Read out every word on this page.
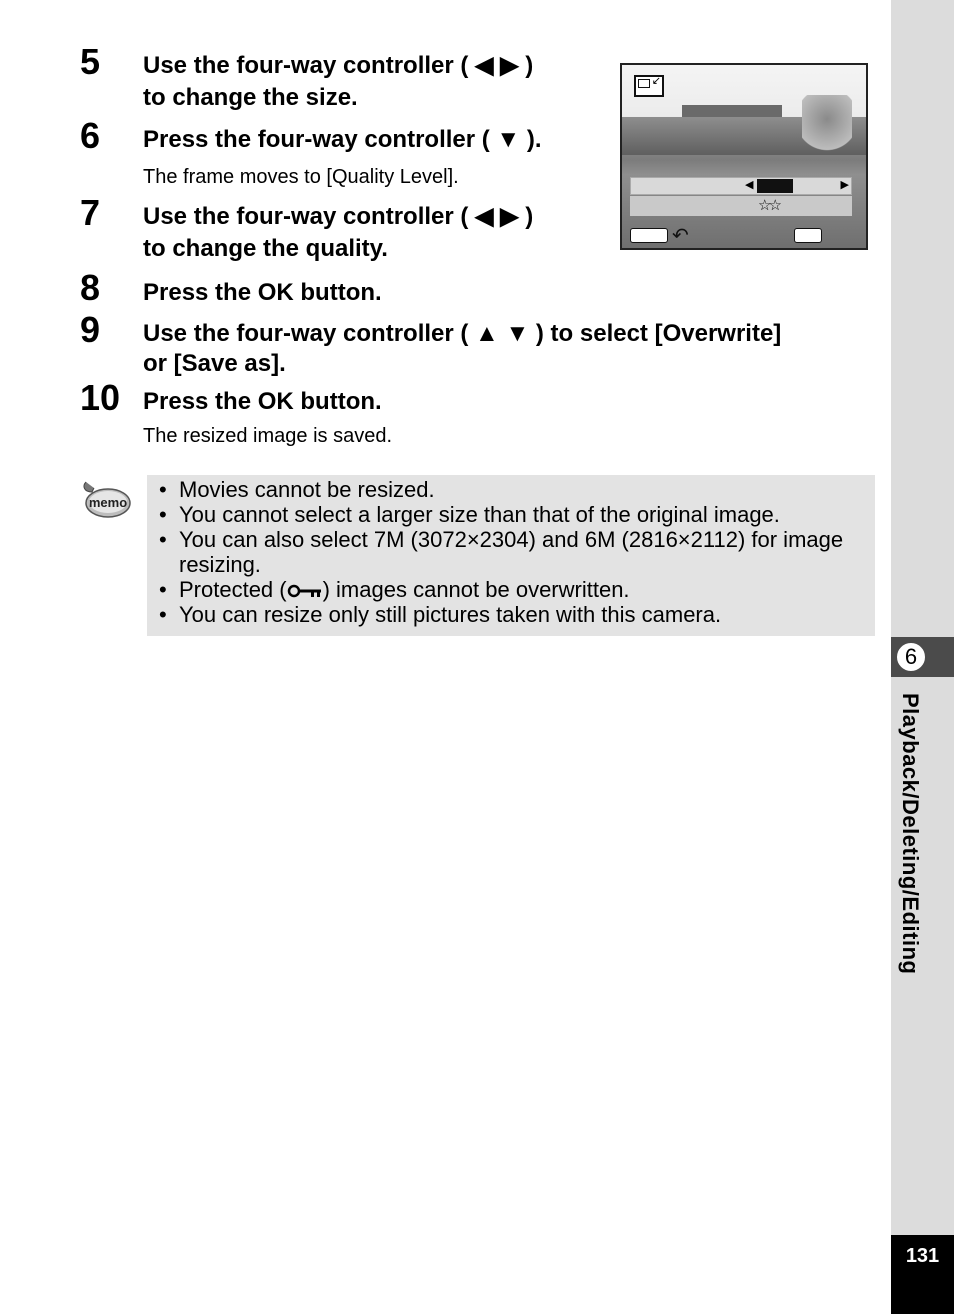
5 Use the four-way controller ( ◀ ▶ )
to change the size.
6 Press the four-way controller ( ▼ ).
The frame moves to [Quality Level].
7 Use the four-way controller ( ◀ ▶ )
to change the quality.
8 Press the OK button.
9 Use the four-way controller ( ▲ ▼ ) to select [Overwrite]
or [Save as].
10 Press the OK button.
The resized image is saved.
↙
◀	▶
☆☆
↶
memo
• Movies cannot be resized.
• You cannot select a larger size than that of the original image.
• You can also select 7M (3072×2304) and 6M (2816×2112) for image resizing.
• Protected ( ) images cannot be overwritten.
• You can resize only still pictures taken with this camera.
6
Playback/Deleting/Editing
131
